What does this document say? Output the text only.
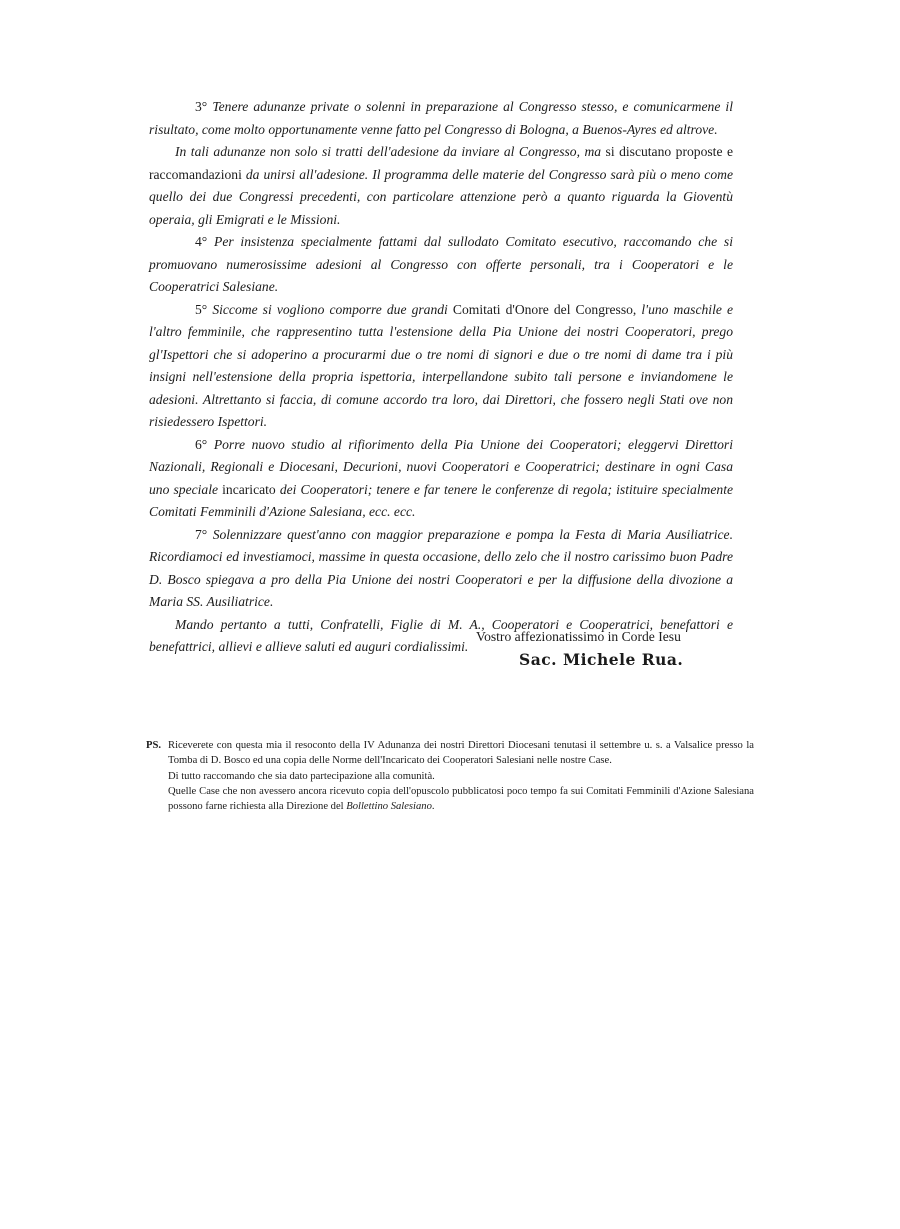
3° Tenere adunanze private o solenni in preparazione al Congresso stesso, e comunicarmene il risultato, come molto opportunamente venne fatto pel Congresso di Bologna, a Buenos-Ayres ed altrove.

In tali adunanze non solo si tratti dell'adesione da inviare al Congresso, ma si discutano proposte e raccomandazioni da unirsi all'adesione. Il programma delle materie del Congresso sarà più o meno come quello dei due Congressi precedenti, con particolare attenzione però a quanto riguarda la Gioventù operaia, gli Emigrati e le Missioni.

4° Per insistenza specialmente fattami dal sullodato Comitato esecutivo, raccomando che si promuovano numerosissime adesioni al Congresso con offerte personali, tra i Cooperatori e le Cooperatrici Salesiane.

5° Siccome si vogliono comporre due grandi Comitati d'Onore del Congresso, l'uno maschile e l'altro femminile, che rappresentino tutta l'estensione della Pia Unione dei nostri Cooperatori, prego gl'Ispettori che si adoperino a procurarmi due o tre nomi di signori e due o tre nomi di dame tra i più insigni nell'estensione della propria ispettoria, interpellandone subito tali persone e inviandomene le adesioni. Altrettanto si faccia, di comune accordo tra loro, dai Direttori, che fossero negli Stati ove non risiedessero Ispettori.

6° Porre nuovo studio al rifiorimento della Pia Unione dei Cooperatori; eleggervi Direttori Nazionali, Regionali e Diocesani, Decurioni, nuovi Cooperatori e Cooperatrici; destinare in ogni Casa uno speciale incaricato dei Cooperatori; tenere e far tenere le conferenze di regola; istituire specialmente Comitati Femminili d'Azione Salesiana, ecc. ecc.

7° Solennizzare quest'anno con maggior preparazione e pompa la Festa di Maria Ausiliatrice. Ricordiamoci ed investiamoci, massime in questa occasione, dello zelo che il nostro carissimo buon Padre D. Bosco spiegava a pro della Pia Unione dei nostri Cooperatori e per la diffusione della divozione a Maria SS. Ausiliatrice.

Mando pertanto a tutti, Confratelli, Figlie di M. A., Cooperatori e Cooperatrici, benefattori e benefattrici, allievi e allieve saluti ed auguri cordialissimi.

Vostro affezionatissimo in Corde Iesu
Sac. Michele Rua.
PS. Riceverete con questa mia il resoconto della IV Adunanza dei nostri Direttori Diocesani tenutasi il settembre u. s. a Valsalice presso la Tomba di D. Bosco ed una copia delle Norme dell'Incaricato dei Cooperatori Salesiani nelle nostre Case.

Di tutto raccomando che sia dato partecipazione alla comunità.

Quelle Case che non avessero ancora ricevuto copia dell'opuscolo pubblicatosi poco tempo fa sui Comitati Femminili d'Azione Salesiana possono farne richiesta alla Direzione del Bollettino Salesiano.
